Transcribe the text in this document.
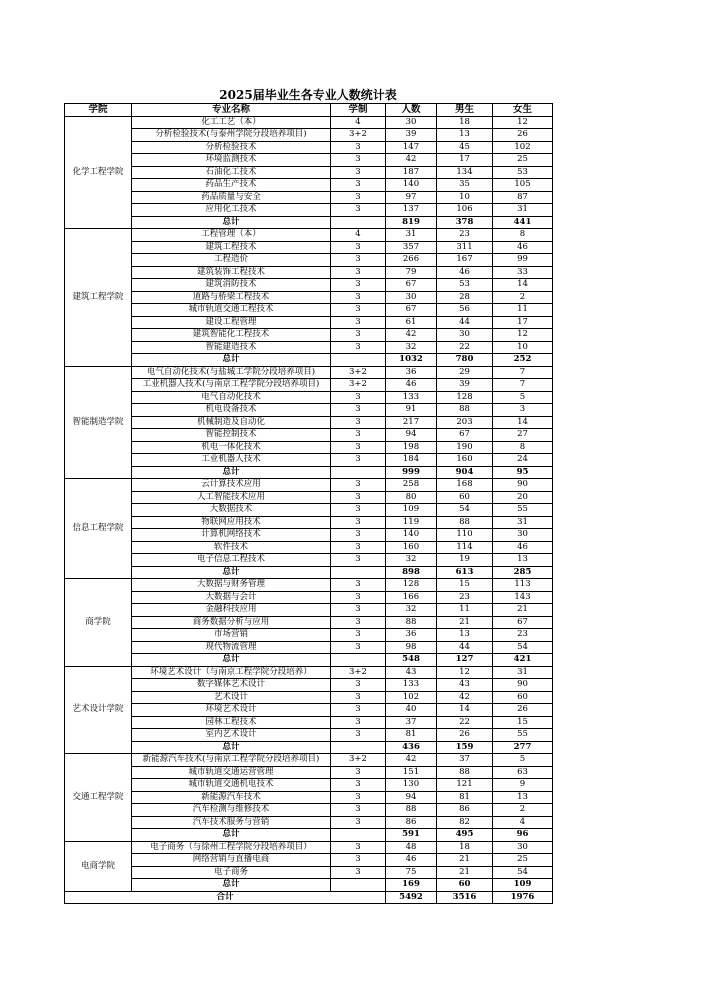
2025届毕业生各专业人数统计表
学院	专业名称	学制	人数	男生	女生
化学工程学院	化工工艺（本）	4	30	18	12
	分析检验技术(与泰州学院分段培养项目)	3+2	39	13	26
	分析检验技术	3	147	45	102
	环境监测技术	3	42	17	25
	石油化工技术	3	187	134	53
	药品生产技术	3	140	35	105
	药品质量与安全	3	97	10	87
	应用化工技术	3	137	106	31
	总计		819	378	441
建筑工程学院	工程管理（本）	4	31	23	8
	建筑工程技术	3	357	311	46
	工程造价	3	266	167	99
	建筑装饰工程技术	3	79	46	33
	建筑消防技术	3	67	53	14
	道路与桥梁工程技术	3	30	28	2
	城市轨道交通工程技术	3	67	56	11
	建设工程管理	3	61	44	17
	建筑智能化工程技术	3	42	30	12
	智能建造技术	3	32	22	10
	总计		1032	780	252
智能制造学院	电气自动化技术(与盐城工学院分段培养项目)	3+2	36	29	7
	工业机器人技术(与南京工程学院分段培养项目)	3+2	46	39	7
	电气自动化技术	3	133	128	5
	机电设备技术	3	91	88	3
	机械制造及自动化	3	217	203	14
	智能控制技术	3	94	67	27
	机电一体化技术	3	198	190	8
	工业机器人技术	3	184	160	24
	总计		999	904	95
信息工程学院	云计算技术应用	3	258	168	90
	人工智能技术应用	3	80	60	20
	大数据技术	3	109	54	55
	物联网应用技术	3	119	88	31
	计算机网络技术	3	140	110	30
	软件技术	3	160	114	46
	电子信息工程技术	3	32	19	13
	总计		898	613	285
商学院	大数据与财务管理	3	128	15	113
	大数据与会计	3	166	23	143
	金融科技应用	3	32	11	21
	商务数据分析与应用	3	88	21	67
	市场营销	3	36	13	23
	现代物流管理	3	98	44	54
	总计		548	127	421
艺术设计学院	环境艺术设计（与南京工程学院分段培养）	3+2	43	12	31
	数字媒体艺术设计	3	133	43	90
	艺术设计	3	102	42	60
	环境艺术设计	3	40	14	26
	园林工程技术	3	37	22	15
	室内艺术设计	3	81	26	55
	总计		436	159	277
交通工程学院	新能源汽车技术(与南京工程学院分段培养项目)	3+2	42	37	5
	城市轨道交通运营管理	3	151	88	63
	城市轨道交通机电技术	3	130	121	9
	新能源汽车技术	3	94	81	13
	汽车检测与维修技术	3	88	86	2
	汽车技术服务与营销	3	86	82	4
	总计		591	495	96
电商学院	电子商务（与徐州工程学院分段培养项目）	3	48	18	30
	网络营销与直播电商	3	46	21	25
	电子商务	3	75	21	54
	总计		169	60	109
合计			5492	3516	1976
